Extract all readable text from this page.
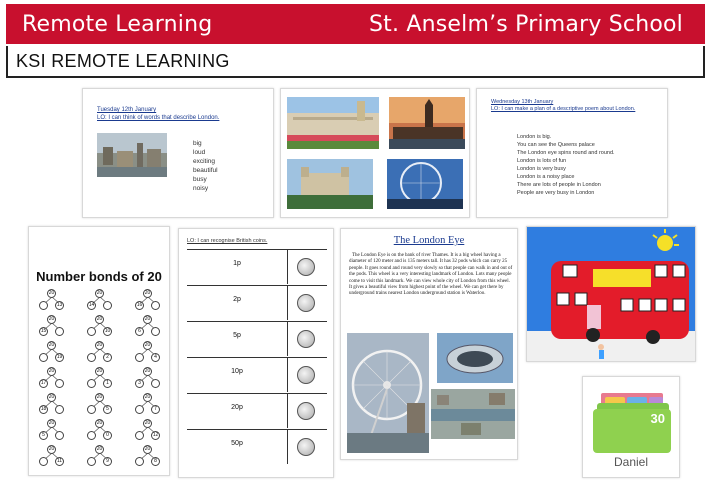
Remote Learning	St. Anselm’s Primary School
KSI REMOTE LEARNING
Tuesday 12th January
LO: I can think of words that describe London.
big
loud
exciting
beautiful
busy
noisy
Wednesday 13th January
LO: I can make a plan of a descriptive poem about London.
London is big.
You can see the Queens palace
The London eye spins round and round.
London is lots of fun
London is very busy
London is a noisy place
There are lots of people in London
People are very busy in London
Number bonds of 20
20
13
20
14
20
16
20
15
20
10
20
6
20
19
20
2
20
4
20
17
20
1
20
3
20
18
20
5
20
7
20
5
20
0
20
12
20
11
20
9
20
8
LO: I can recognise British coins.
1p
2p
5p
10p
20p
50p
The London Eye
The London Eye is on the bank of river Thames. It is a big wheel having a diameter of 120 meter and is 135 meters tall. It has 32 pods which can carry 25 people. It goes round and round very slowly so that people can walk in and out of the pods. This wheel is a very interesting landmark of London. Lots many people come to visit this landmark. We can view whole city of London from this wheel. It gives a beautiful view from highest point of the wheel. We can get there by underground trains nearest London underground station is Waterloo.
30
Daniel
